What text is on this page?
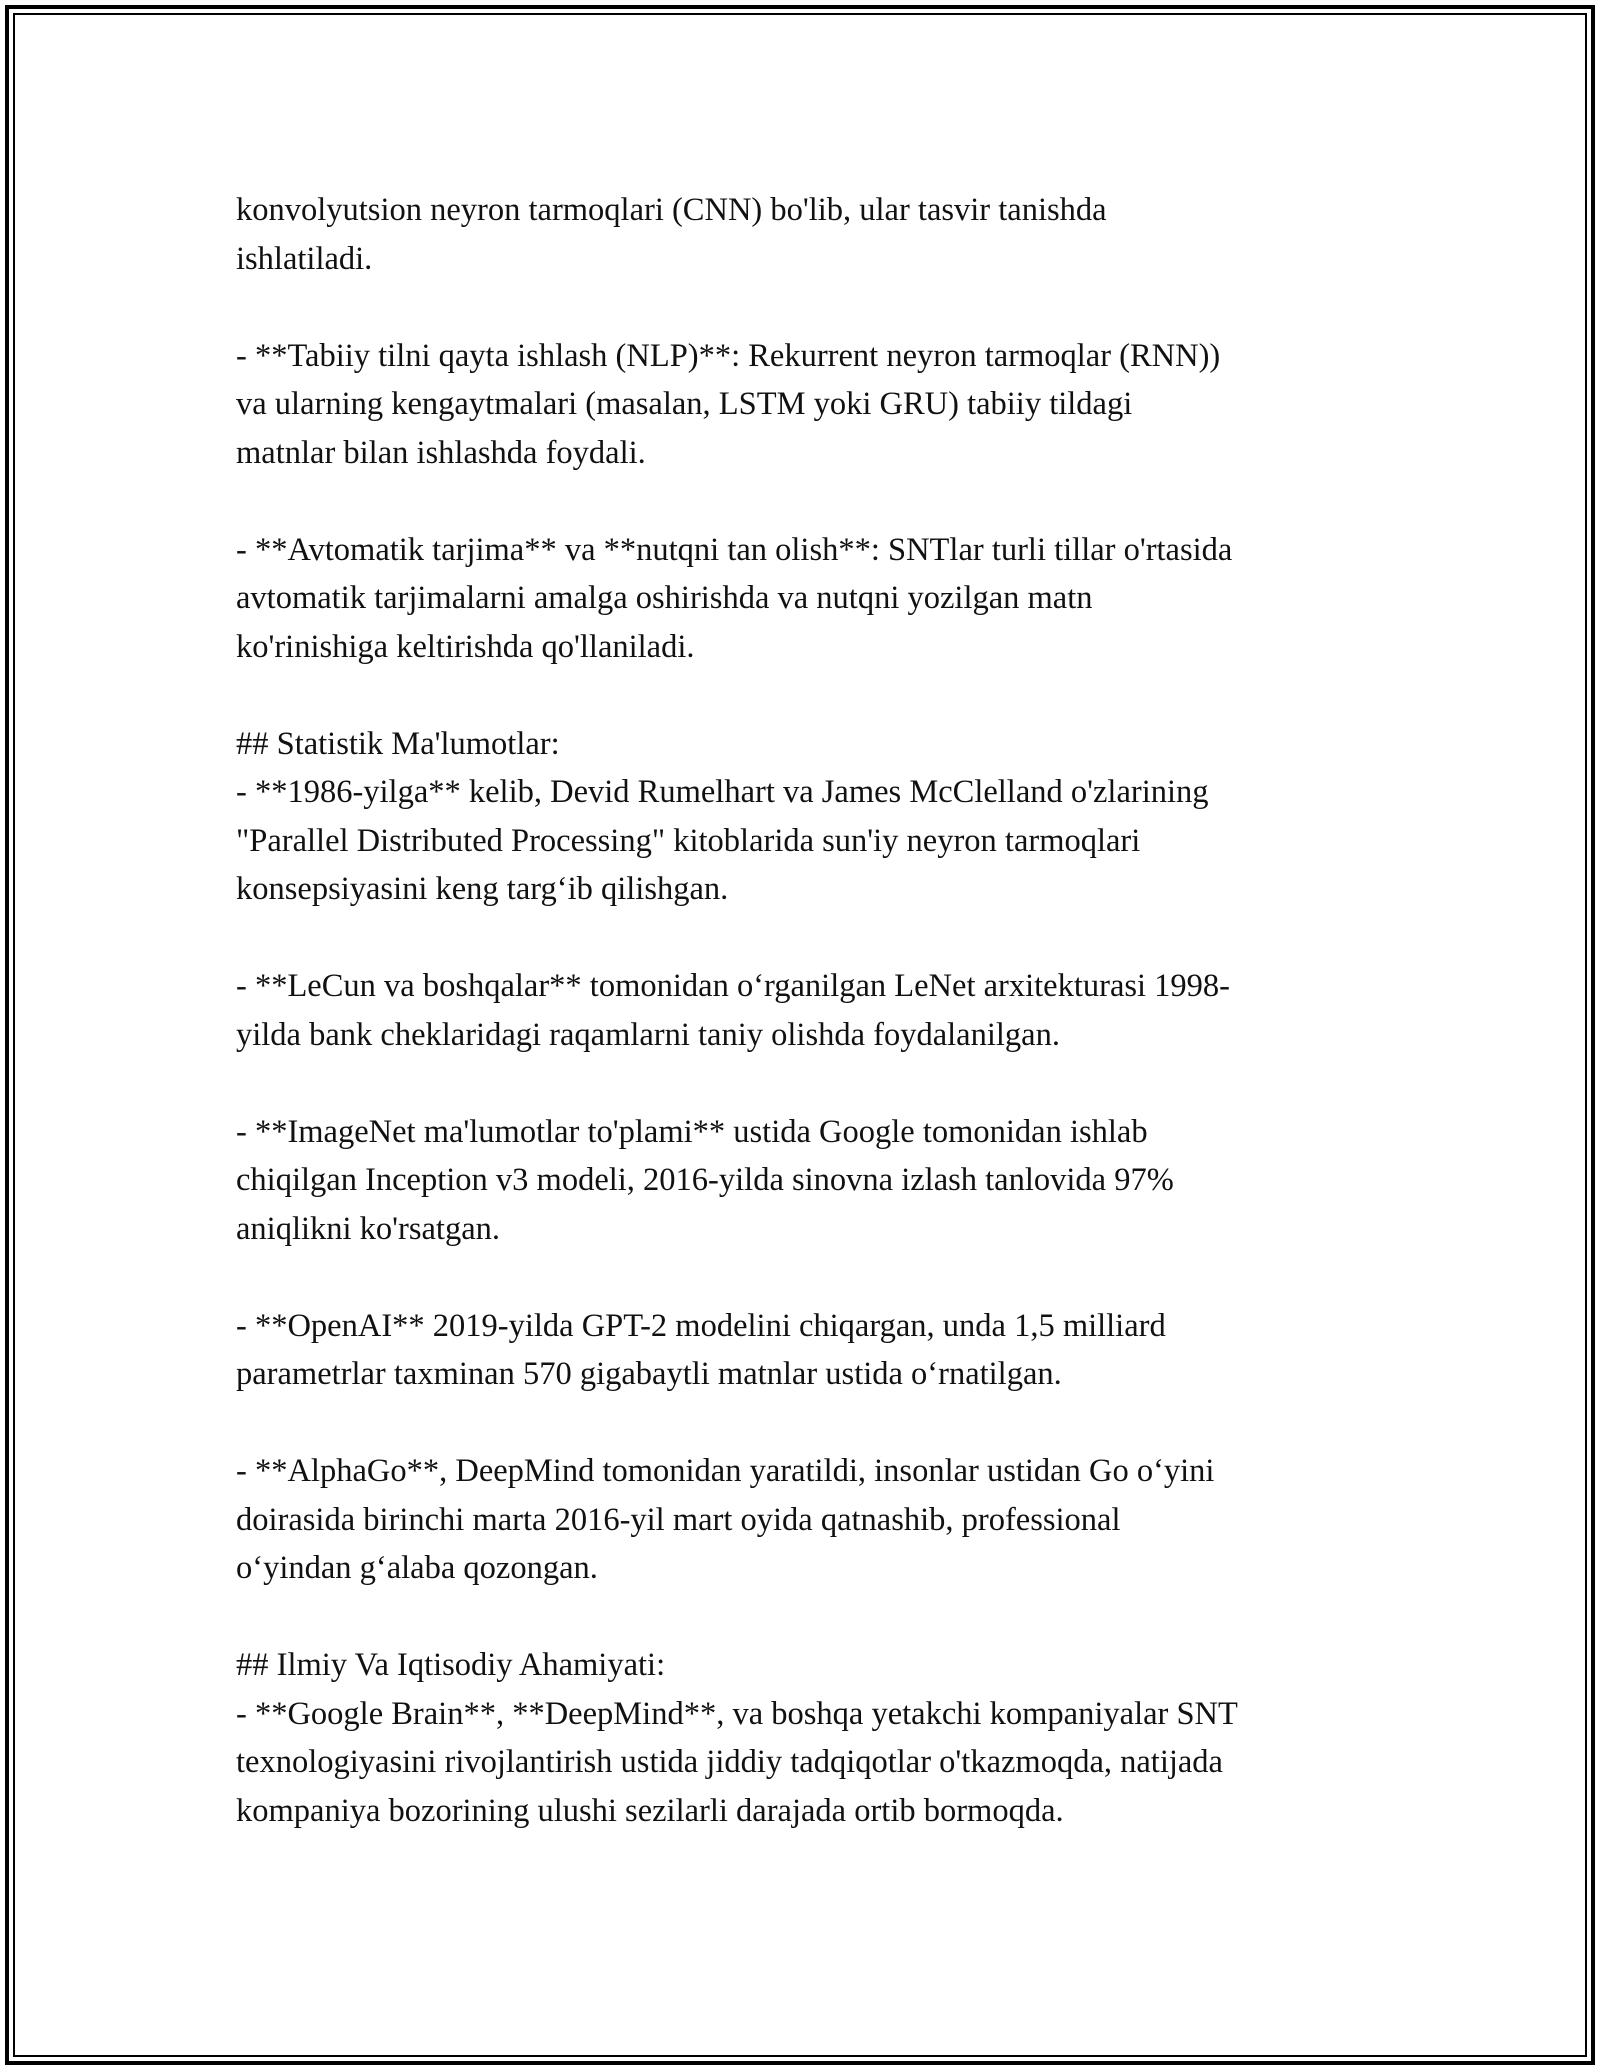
konvolyutsion neyron tarmoqlari (CNN) bo'lib, ular tasvir tanishda
ishlatiladi.

- **Tabiiy tilni qayta ishlash (NLP)**: Rekurrent neyron tarmoqlar (RNN))
va ularning kengaytmalari (masalan, LSTM yoki GRU) tabiiy tildagi
matnlar bilan ishlashda foydali.

- **Avtomatik tarjima** va **nutqni tan olish**: SNTlar turli tillar o'rtasida
avtomatik tarjimalarni amalga oshirishda va nutqni yozilgan matn
ko'rinishiga keltirishda qo'llaniladi.

## Statistik Ma'lumotlar:

- **1986-yilga** kelib, Devid Rumelhart va James McClelland o'zlarining
"Parallel Distributed Processing" kitoblarida sun'iy neyron tarmoqlari
konsepsiyasini keng targ‘ib qilishgan.

- **LeCun va boshqalar** tomonidan o‘rganilgan LeNet arxitekturasi 1998-
yilda bank cheklaridagi raqamlarni taniy olishda foydalanilgan.

- **ImageNet ma'lumotlar to'plami** ustida Google tomonidan ishlab
chiqilgan Inception v3 modeli, 2016-yilda sinovna izlash tanlovida 97%
aniqlikni ko'rsatgan.

- **OpenAI** 2019-yilda GPT-2 modelini chiqargan, unda 1,5 milliard
parametrlar taxminan 570 gigabaytli matnlar ustida o‘rnatilgan.

- **AlphaGo**, DeepMind tomonidan yaratildi, insonlar ustidan Go o‘yini
doirasida birinchi marta 2016-yil mart oyida qatnashib, professional
o‘yindan g‘alaba qozongan.

## Ilmiy Va Iqtisodiy Ahamiyati:

- **Google Brain**, **DeepMind**, va boshqa yetakchi kompaniyalar SNT
texnologiyasini rivojlantirish ustida jiddiy tadqiqotlar o'tkazmoqda, natijada
kompaniya bozorining ulushi sezilarli darajada ortib bormoqda.
